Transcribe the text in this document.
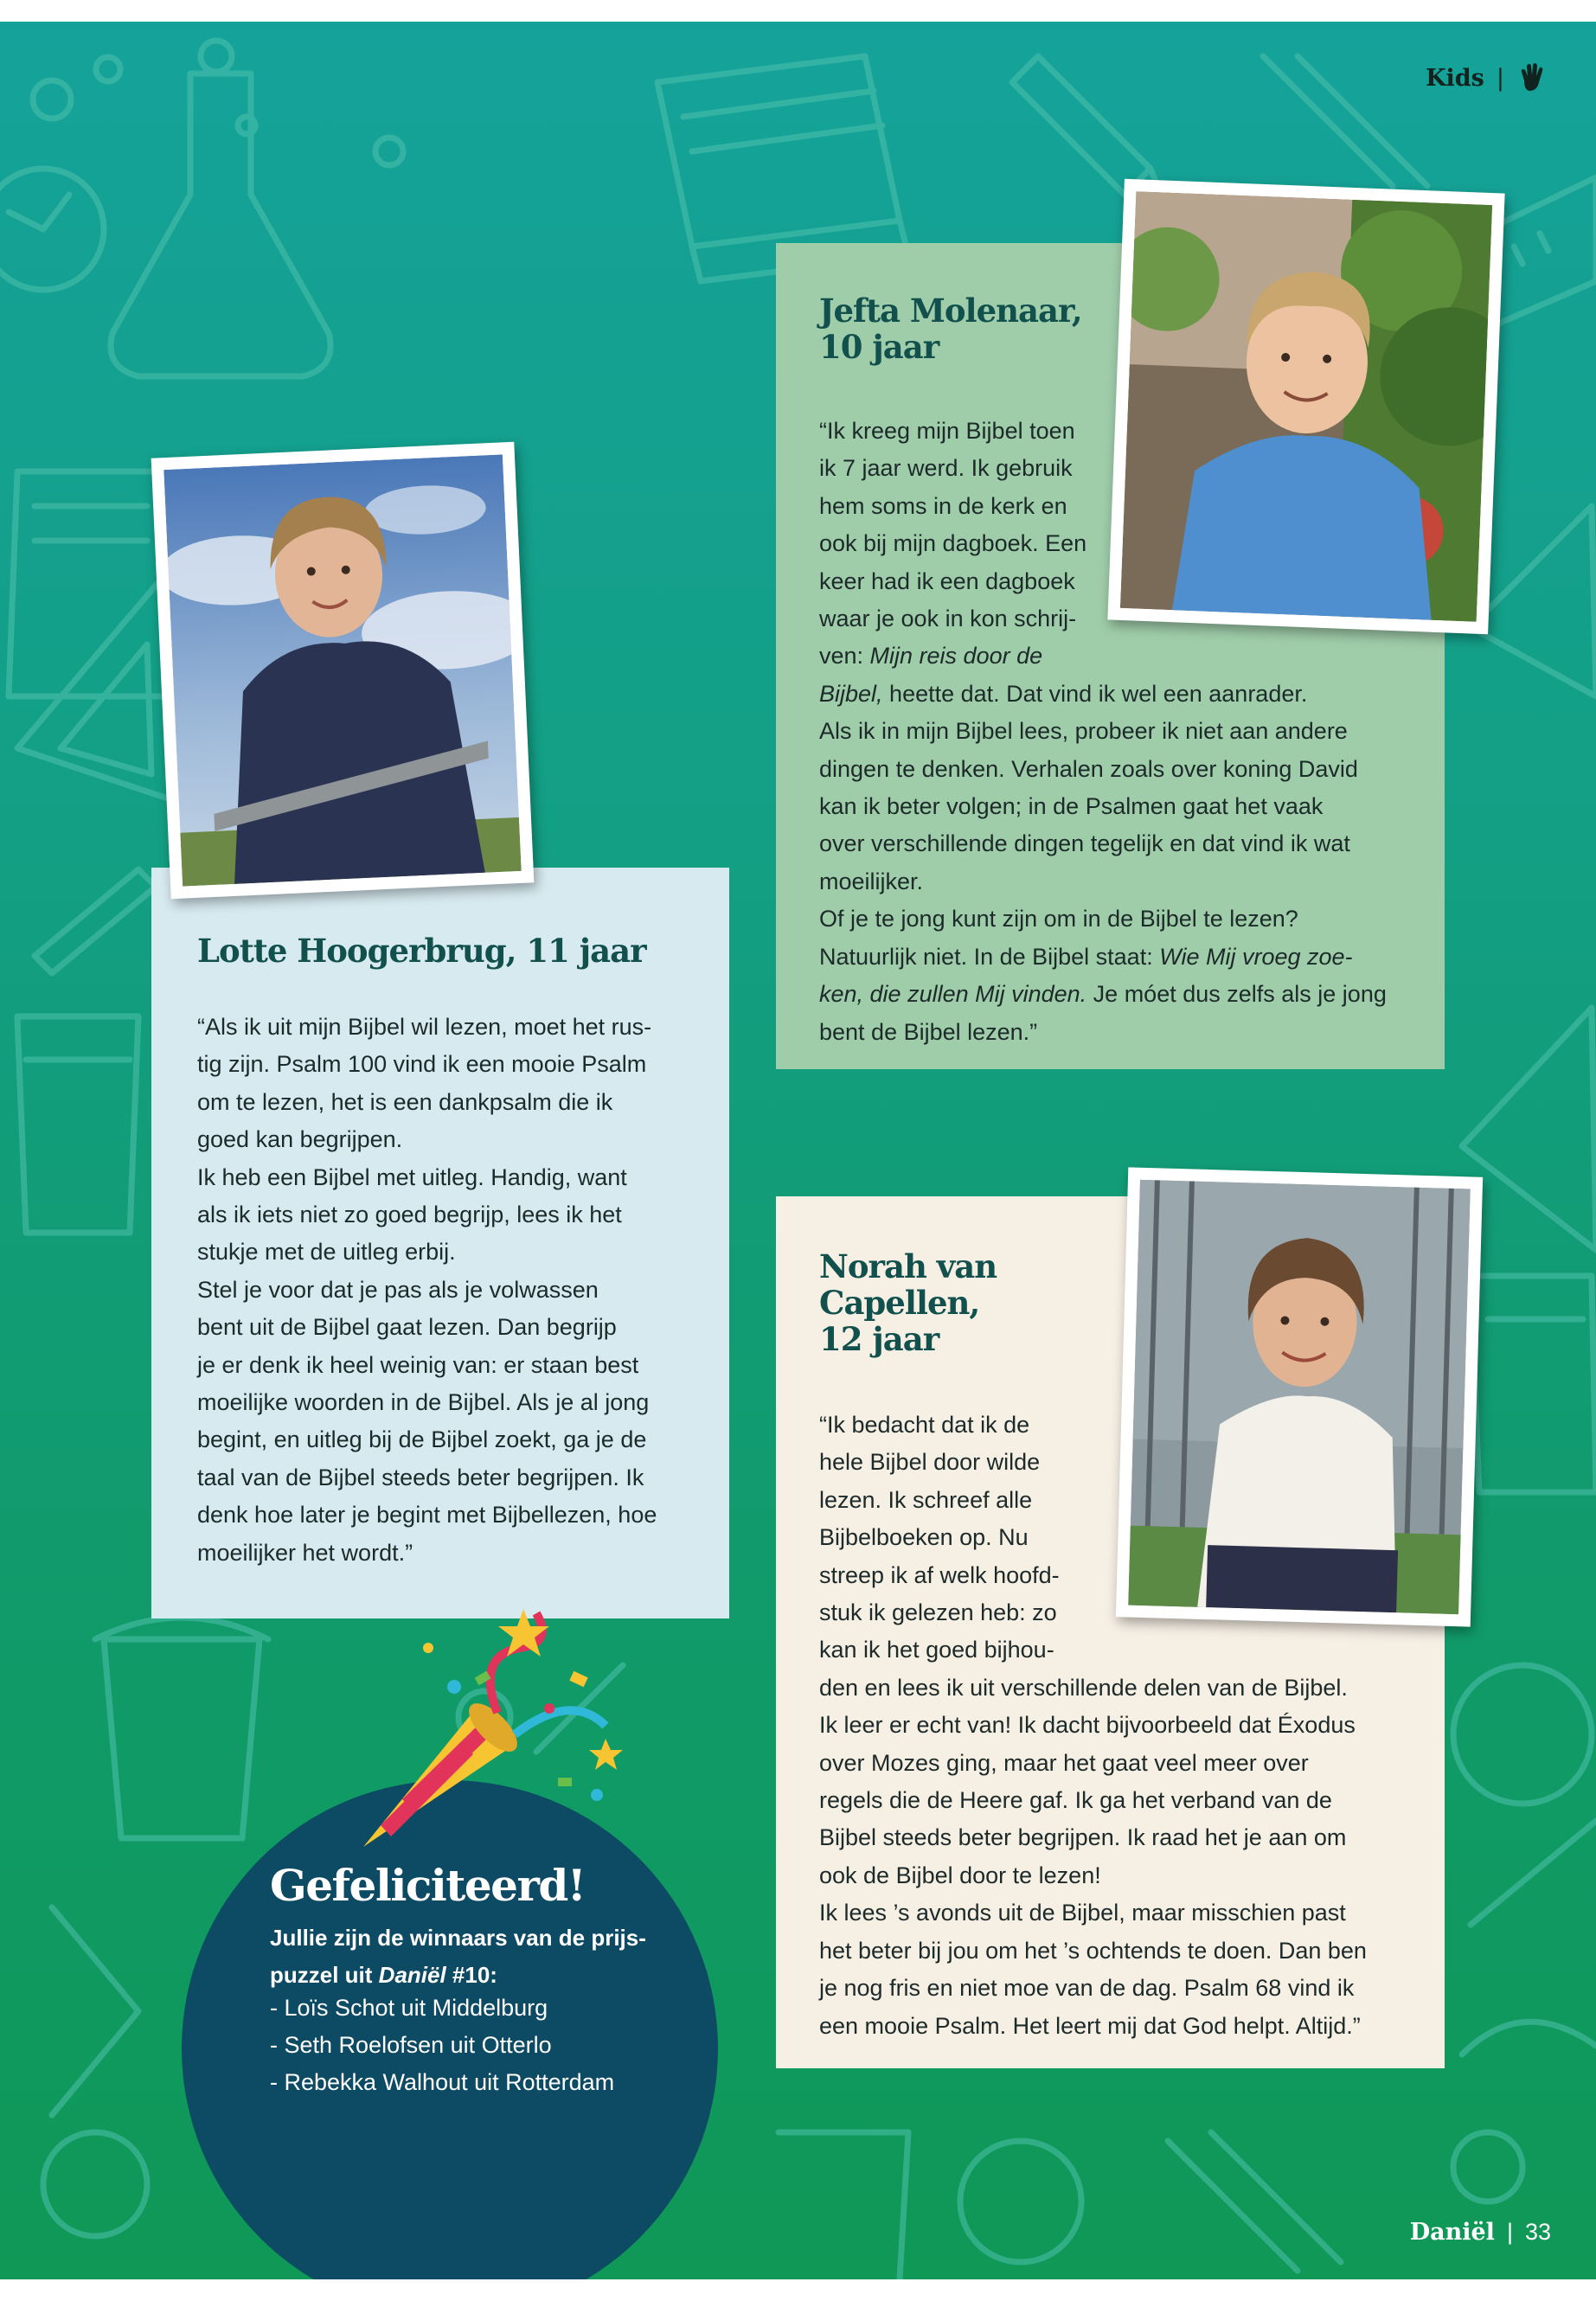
Kids |
Lotte Hoogerbrug, 11 jaar

“Als ik uit mijn Bijbel wil lezen, moet het rus-
tig zijn. Psalm 100 vind ik een mooie Psalm
om te lezen, het is een dankpsalm die ik
goed kan begrijpen.
Ik heb een Bijbel met uitleg. Handig, want
als ik iets niet zo goed begrijp, lees ik het
stukje met de uitleg erbij.
Stel je voor dat je pas als je volwassen
bent uit de Bijbel gaat lezen. Dan begrijp
je er denk ik heel weinig van: er staan best
moeilijke woorden in de Bijbel. Als je al jong
begint, en uitleg bij de Bijbel zoekt, ga je de
taal van de Bijbel steeds beter begrijpen. Ik
denk hoe later je begint met Bijbellezen, hoe
moeilijker het wordt.”

Jefta Molenaar,
10 jaar

“Ik kreeg mijn Bijbel toen
ik 7 jaar werd. Ik gebruik
hem soms in de kerk en
ook bij mijn dagboek. Een
keer had ik een dagboek
waar je ook in kon schrij-
ven: Mijn reis door de
Bijbel, heette dat. Dat vind ik wel een aanrader.
Als ik in mijn Bijbel lees, probeer ik niet aan andere
dingen te denken. Verhalen zoals over koning David
kan ik beter volgen; in de Psalmen gaat het vaak
over verschillende dingen tegelijk en dat vind ik wat
moeilijker.
Of je te jong kunt zijn om in de Bijbel te lezen?
Natuurlijk niet. In de Bijbel staat: Wie Mij vroeg zoe-
ken, die zullen Mij vinden. Je móet dus zelfs als je jong
bent de Bijbel lezen.”

Norah van
Capellen,
12 jaar

“Ik bedacht dat ik de
hele Bijbel door wilde
lezen. Ik schreef alle
Bijbelboeken op. Nu
streep ik af welk hoofd-
stuk ik gelezen heb: zo
kan ik het goed bijhou-
den en lees ik uit verschillende delen van de Bijbel.
Ik leer er echt van! Ik dacht bijvoorbeeld dat Éxodus
over Mozes ging, maar het gaat veel meer over
regels die de Heere gaf. Ik ga het verband van de
Bijbel steeds beter begrijpen. Ik raad het je aan om
ook de Bijbel door te lezen!
Ik lees ’s avonds uit de Bijbel, maar misschien past
het beter bij jou om het ’s ochtends te doen. Dan ben
je nog fris en niet moe van de dag. Psalm 68 vind ik
een mooie Psalm. Het leert mij dat God helpt. Altijd.”

Gefeliciteerd!

Jullie zijn de winnaars van de prijs-
puzzel uit Daniël #10:

- Loïs Schot uit Middelburg
- Seth Roelofsen uit Otterlo
- Rebekka Walhout uit Rotterdam
Daniël | 33
